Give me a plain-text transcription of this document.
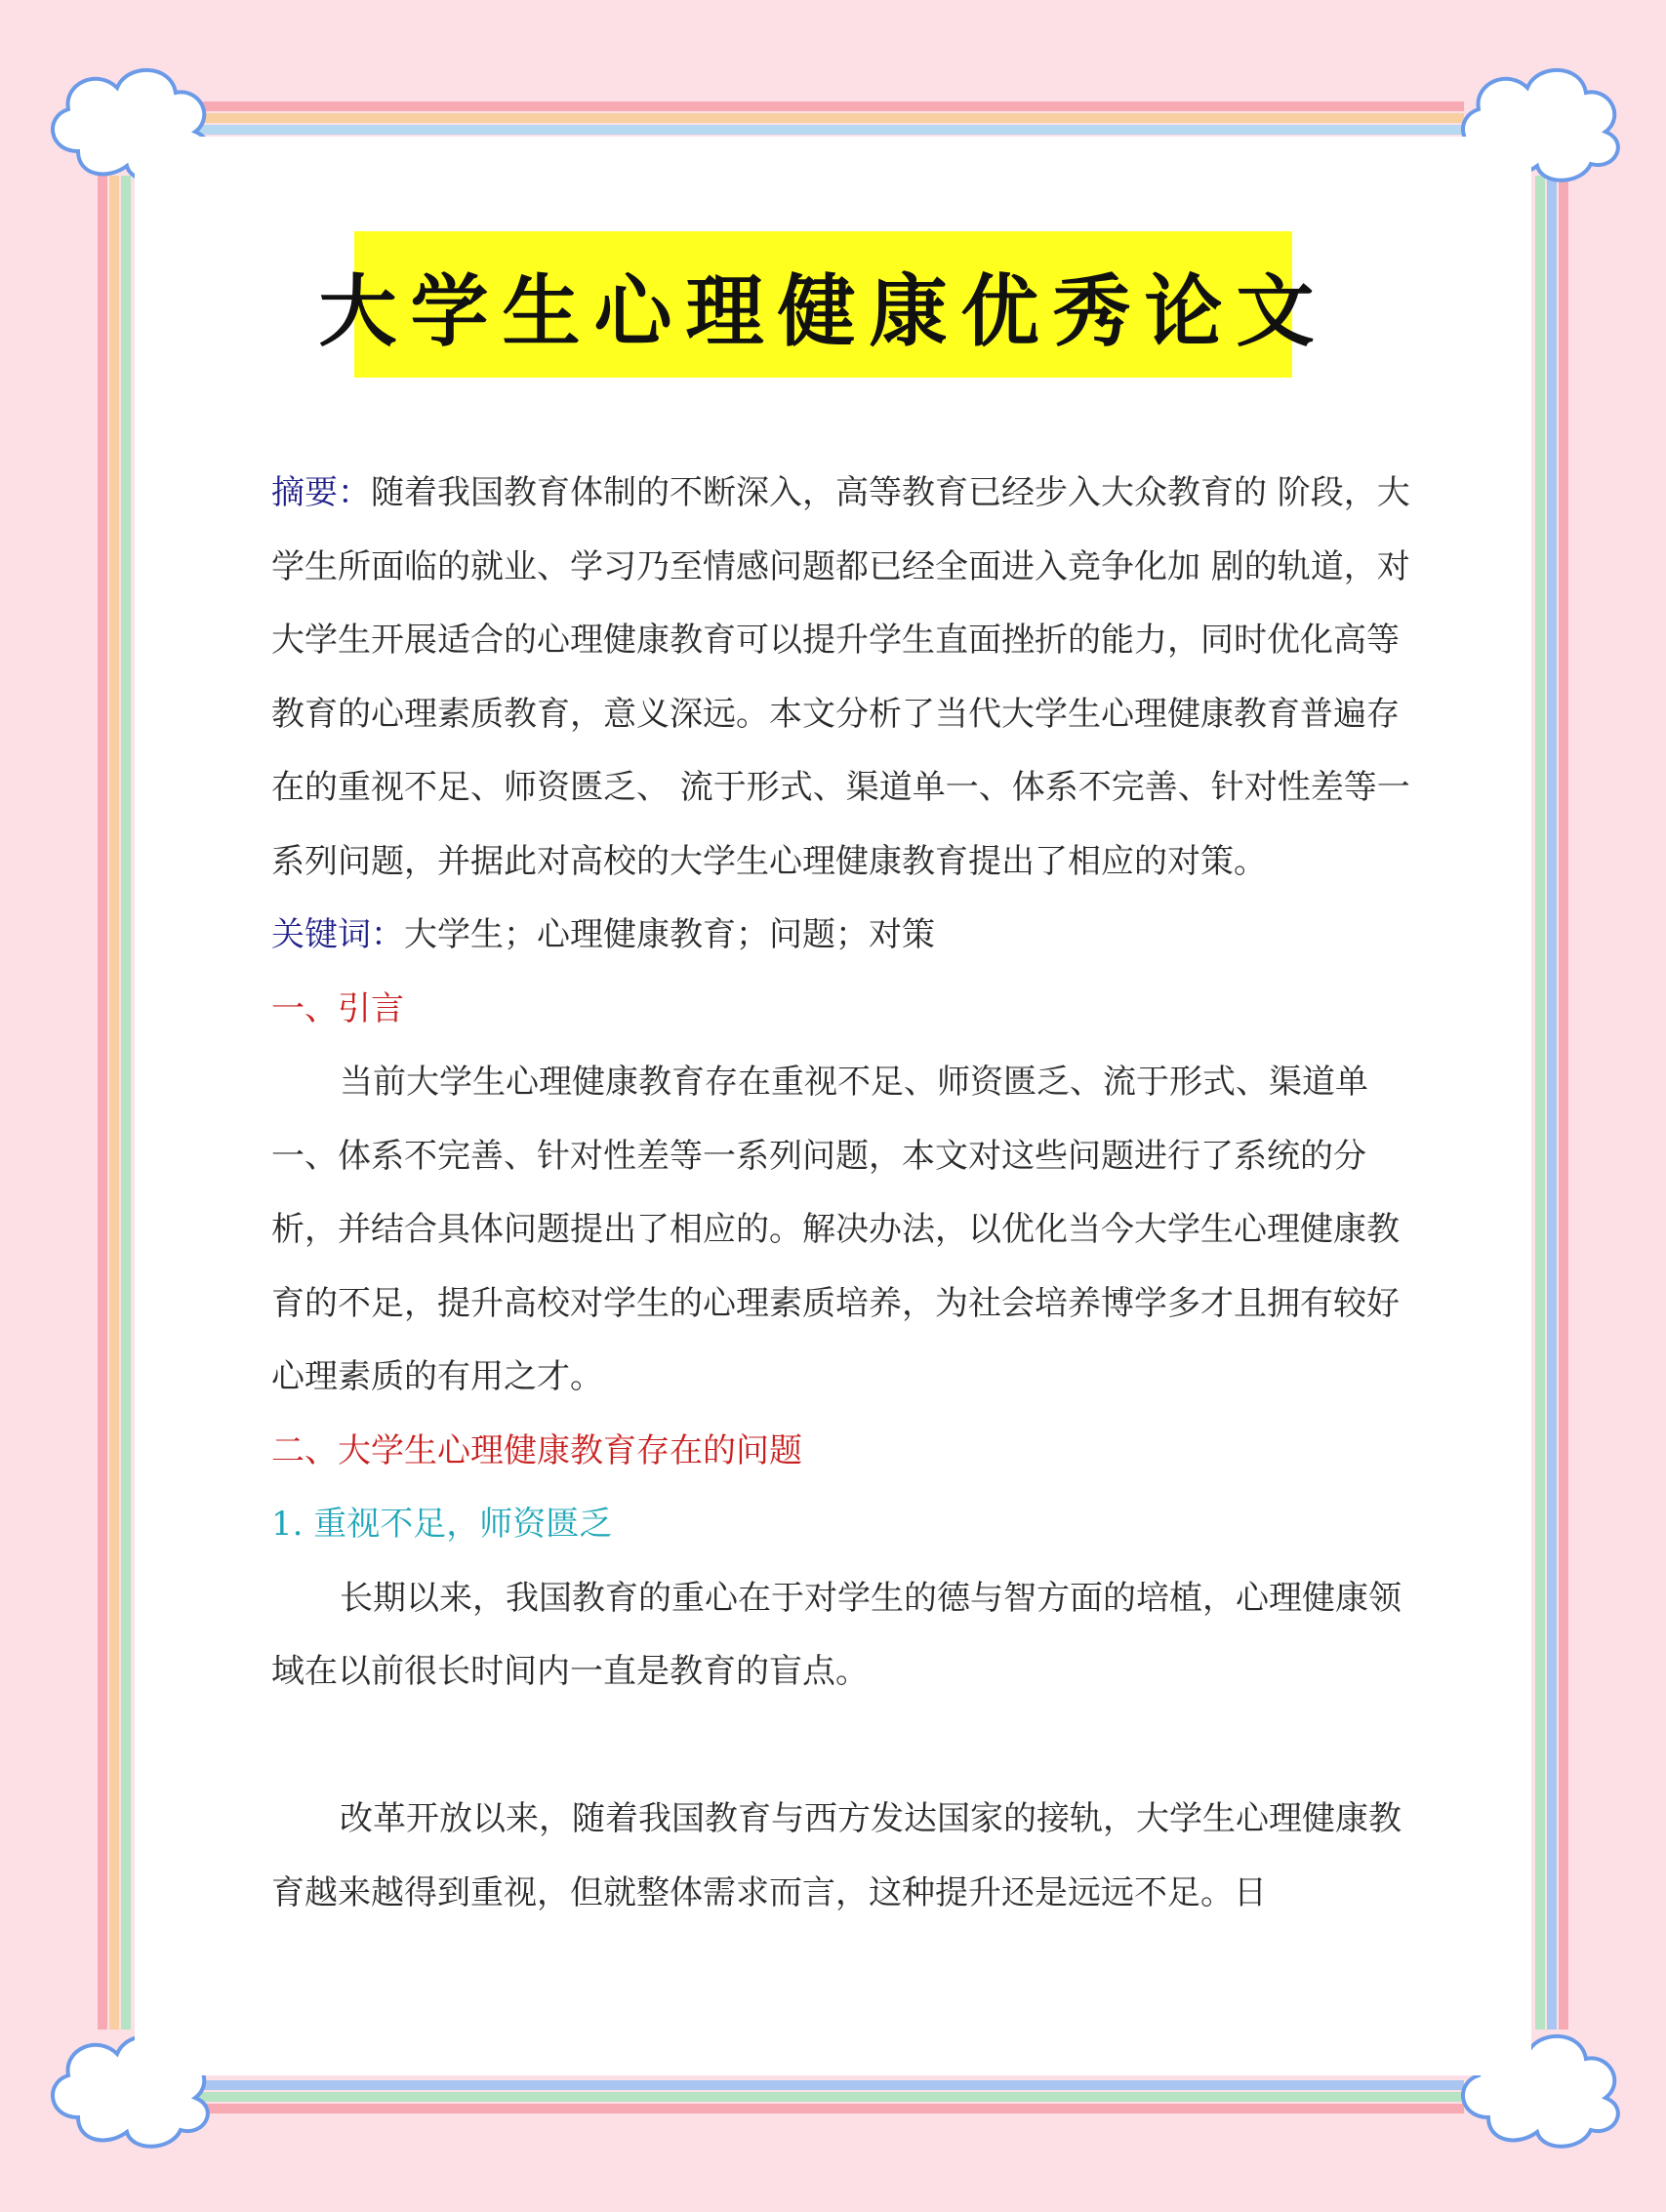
大学生心理健康优秀论文

摘要：随着我国教育体制的不断深入，高等教育已经步入大众教育的 阶段，大学生所面临的就业、学习乃至情感问题都已经全面进入竞争化加 剧的轨道，对大学生开展适合的心理健康教育可以提升学生直面挫折的能力，同时优化高等教育的心理素质教育，意义深远。本文分析了当代大学生心理健康教育普遍存在的重视不足、师资匮乏、 流于形式、渠道单一、体系不完善、针对性差等一系列问题，并据此对高校的大学生心理健康教育提出了相应的对策。

关键词：大学生；心理健康教育；问题；对策

一、引言

当前大学生心理健康教育存在重视不足、师资匮乏、流于形式、渠道单一、体系不完善、针对性差等一系列问题，本文对这些问题进行了系统的分析，并结合具体问题提出了相应的。解决办法，以优化当今大学生心理健康教育的不足，提升高校对学生的心理素质培养，为社会培养博学多才且拥有较好心理素质的有用之才。

二、大学生心理健康教育存在的问题

1. 重视不足，师资匮乏

长期以来，我国教育的重心在于对学生的德与智方面的培植，心理健康领域在以前很长时间内一直是教育的盲点。

改革开放以来，随着我国教育与西方发达国家的接轨，大学生心理健康教育越来越得到重视，但就整体需求而言，这种提升还是远远不足。日
